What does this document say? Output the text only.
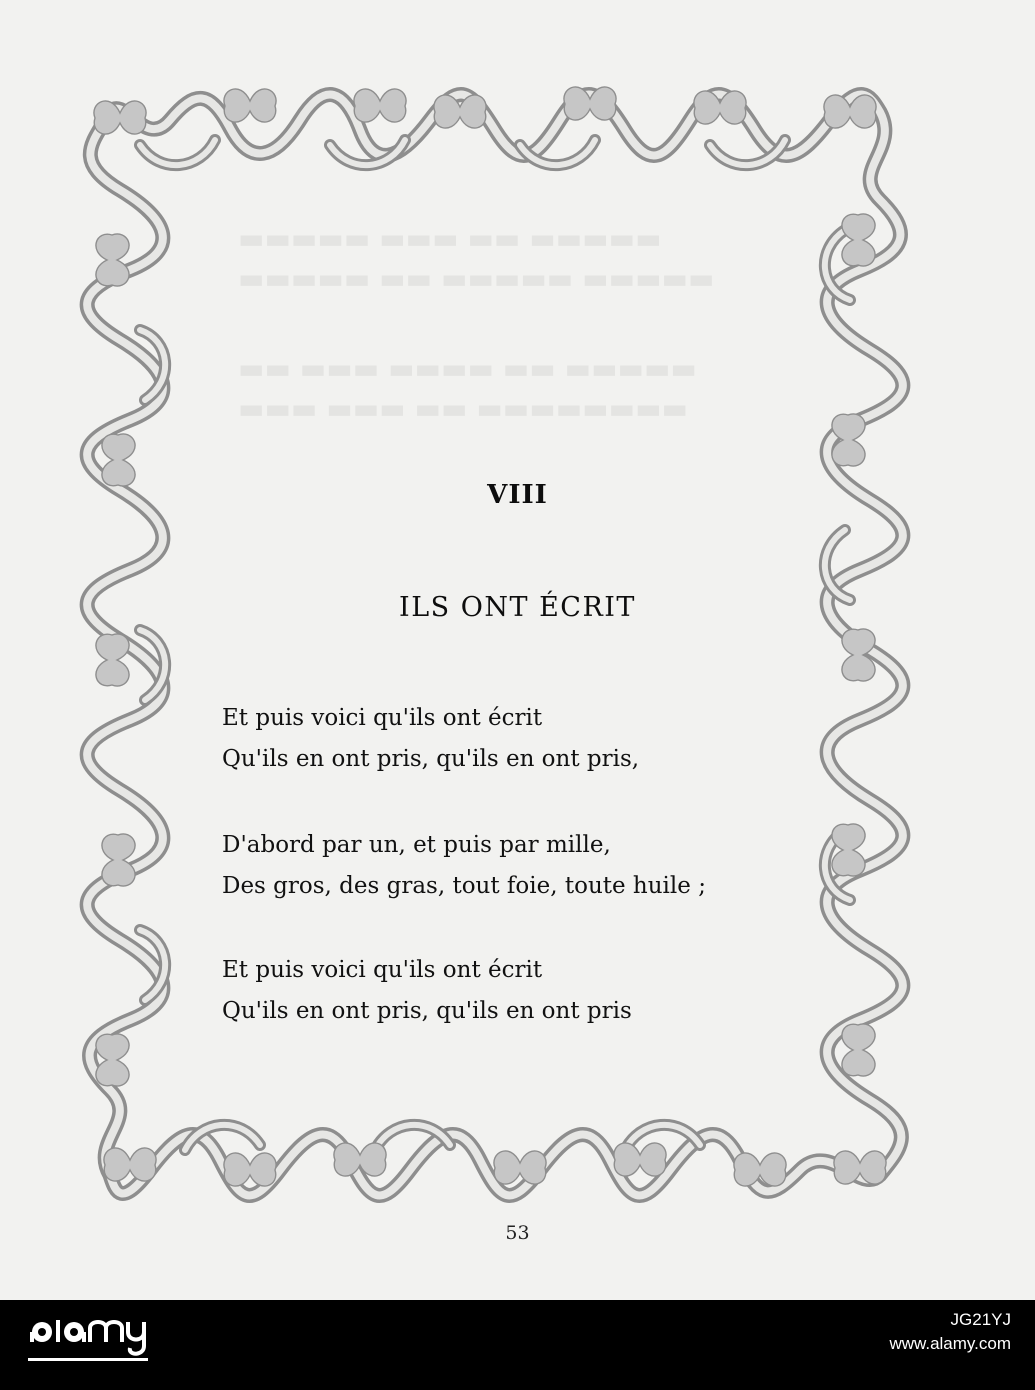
▬▬▬▬▬ ▬▬▬ ▬▬ ▬▬▬▬▬
▬▬▬▬▬ ▬▬ ▬▬▬▬▬ ▬▬▬▬▬
▬▬ ▬▬▬ ▬▬▬▬ ▬▬ ▬▬▬▬▬
▬▬▬ ▬▬▬ ▬▬ ▬▬▬▬▬▬▬▬
VIII
ILS ONT ÉCRIT
Et puis voici qu'ils ont écrit
Qu'ils en ont pris, qu'ils en ont pris,
D'abord par un, et puis par mille,
Des gros, des gras, tout foie, toute huile ;
Et puis voici qu'ils ont écrit
Qu'ils en ont pris, qu'ils en ont pris
53
JG21YJ
www.alamy.com
